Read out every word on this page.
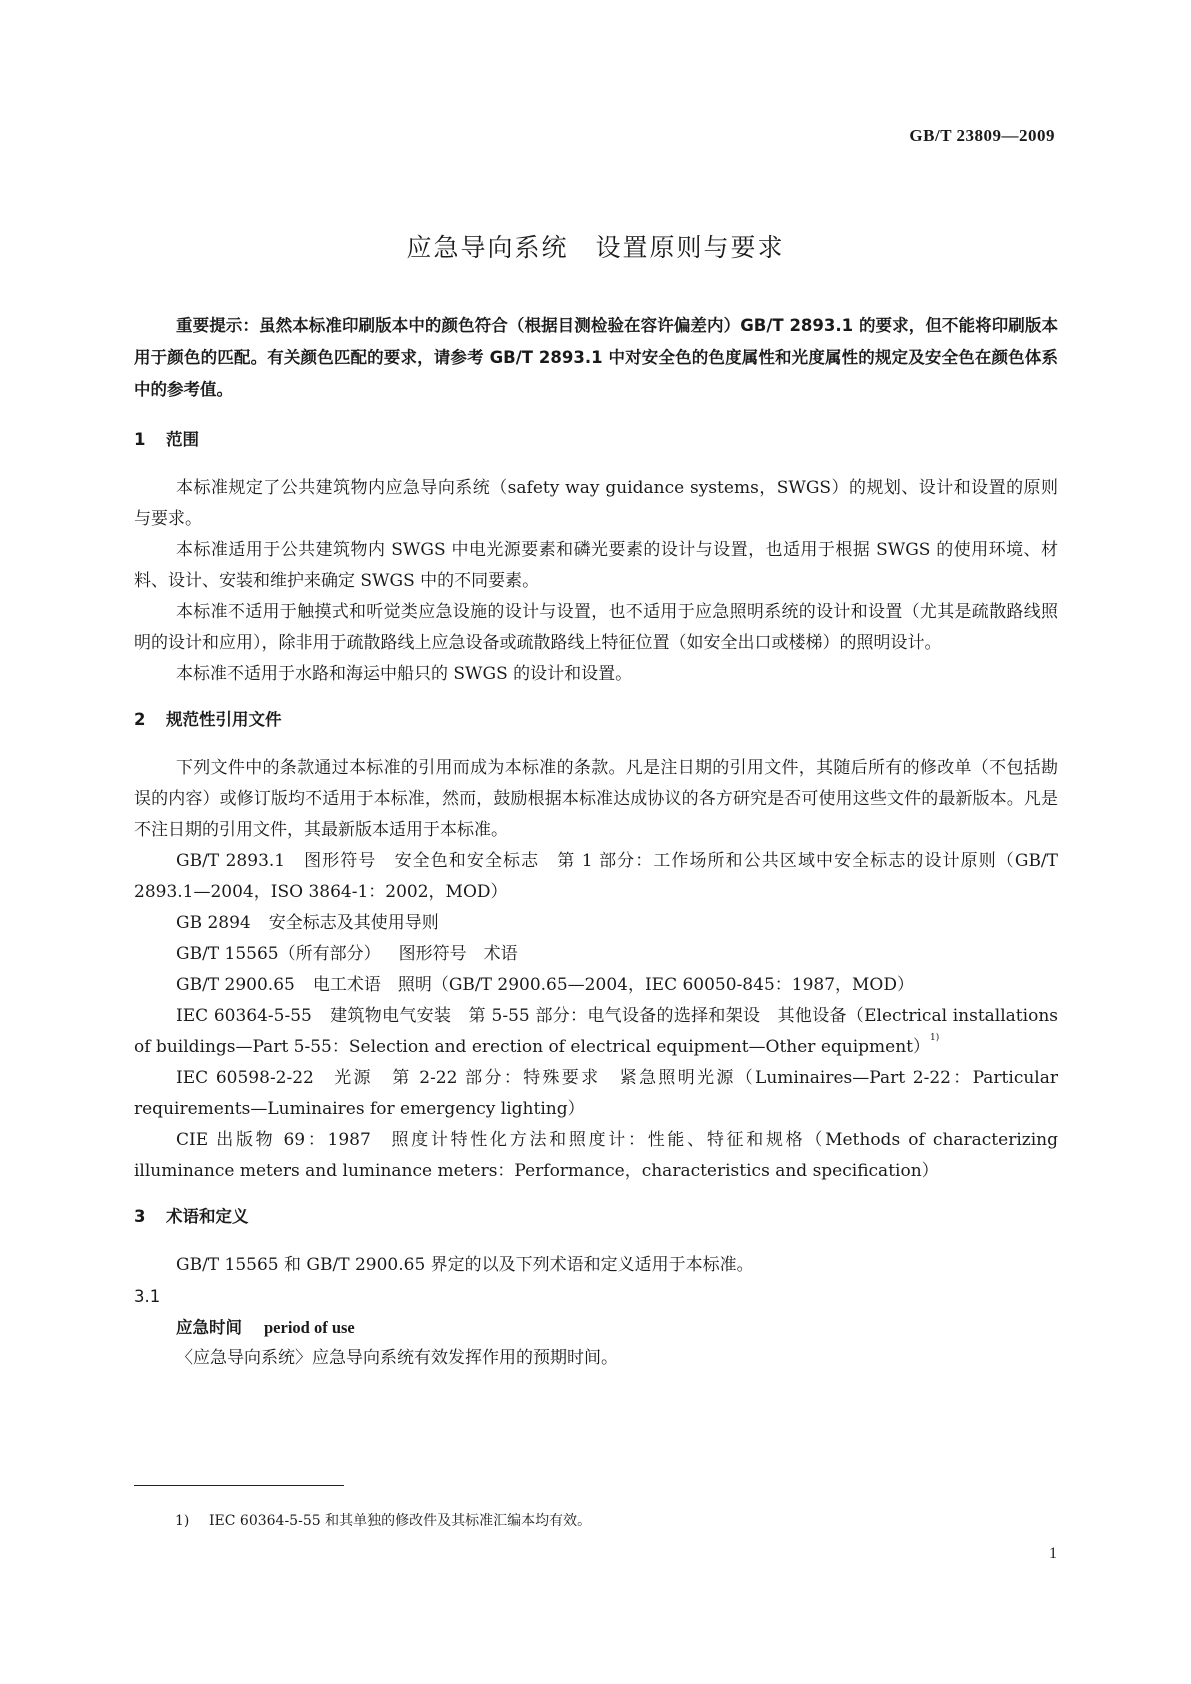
GB/T 23809—2009
应急导向系统　设置原则与要求

重要提示：虽然本标准印刷版本中的颜色符合（根据目测检验在容许偏差内）GB/T 2893.1 的要求，但不能将印刷版本用于颜色的匹配。有关颜色匹配的要求，请参考 GB/T 2893.1 中对安全色的色度属性和光度属性的规定及安全色在颜色体系中的参考值。

1 范围

本标准规定了公共建筑物内应急导向系统（safety way guidance systems，SWGS）的规划、设计和设置的原则与要求。

本标准适用于公共建筑物内 SWGS 中电光源要素和磷光要素的设计与设置，也适用于根据 SWGS 的使用环境、材料、设计、安装和维护来确定 SWGS 中的不同要素。

本标准不适用于触摸式和听觉类应急设施的设计与设置，也不适用于应急照明系统的设计和设置（尤其是疏散路线照明的设计和应用），除非用于疏散路线上应急设备或疏散路线上特征位置（如安全出口或楼梯）的照明设计。

本标准不适用于水路和海运中船只的 SWGS 的设计和设置。

2 规范性引用文件

下列文件中的条款通过本标准的引用而成为本标准的条款。凡是注日期的引用文件，其随后所有的修改单（不包括勘误的内容）或修订版均不适用于本标准，然而，鼓励根据本标准达成协议的各方研究是否可使用这些文件的最新版本。凡是不注日期的引用文件，其最新版本适用于本标准。

GB/T 2893.1 图形符号　安全色和安全标志　第 1 部分：工作场所和公共区域中安全标志的设计原则（GB/T 2893.1—2004，ISO 3864-1：2002，MOD）

GB 2894 安全标志及其使用导则

GB/T 15565（所有部分） 图形符号　术语

GB/T 2900.65 电工术语　照明（GB/T 2900.65—2004，IEC 60050-845：1987，MOD）

IEC 60364-5-55 建筑物电气安装　第 5-55 部分：电气设备的选择和架设　其他设备（Electrical installations of buildings—Part 5-55：Selection and erection of electrical equipment—Other equipment）$^{1)}$

IEC 60598-2-22 光源　第 2-22 部分：特殊要求　紧急照明光源（Luminaires—Part 2-22：Particular requirements—Luminaires for emergency lighting）

CIE 出版物 69：1987 照度计特性化方法和照度计：性能、特征和规格（Methods of characterizing illuminance meters and luminance meters：Performance，characteristics and specification）

3 术语和定义

GB/T 15565 和 GB/T 2900.65 界定的以及下列术语和定义适用于本标准。

3.1

应急时间 period of use

〈应急导向系统〉应急导向系统有效发挥作用的预期时间。

1) IEC 60364-5-55 和其单独的修改件及其标准汇编本均有效。
1
